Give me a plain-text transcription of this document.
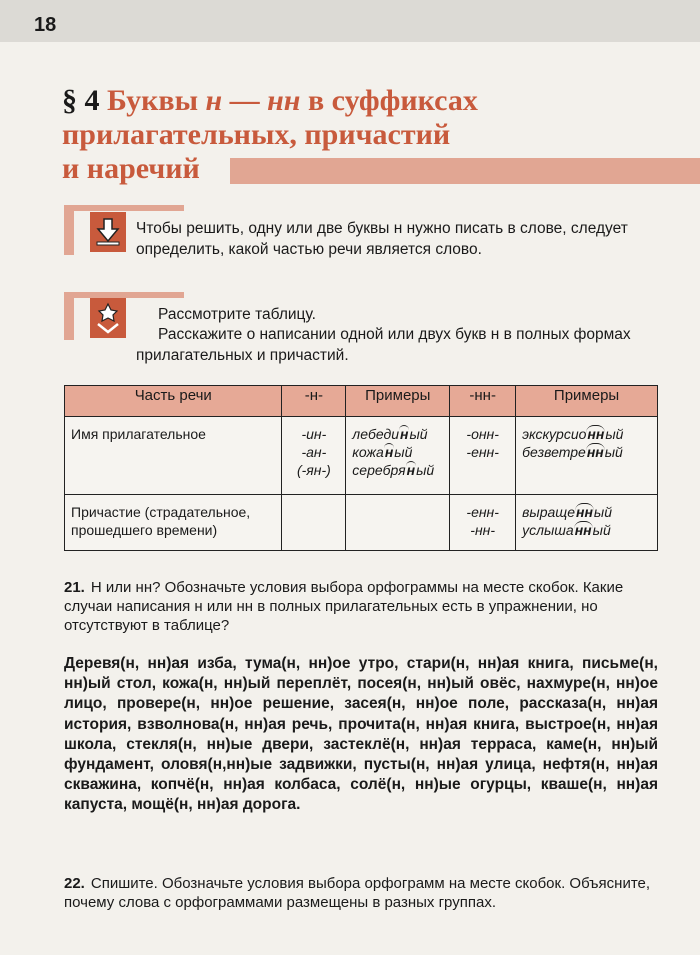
18
§ 4 Буквы н — нн в суффиксах
прилагательных, причастий
и наречий
Чтобы решить, одну или две буквы н нужно писать в слове, следует определить, какой частью речи является слово.
Рассмотрите таблицу.
Расскажите о написании одной или двух букв н в полных формах прилагательных и причастий.
Часть речи	-н-	Примеры	-нн-	Примеры
Имя прилагательное	-ин-
-ан-
(-ян-)	лебединый
кожаный
серебряный	-онн-
-енн-	экскурсионный
безветренный

Причастие (страдательное, прошедшего времени)			-енн-
-нн-	выращенный
услышанный
21. Н или нн? Обозначьте условия выбора орфограммы на месте скобок. Какие случаи написания н или нн в полных прилагательных есть в упражнении, но отсутствуют в таблице?
Деревя(н, нн)ая изба, тума(н, нн)ое утро, стари(н, нн)ая книга, письме(н, нн)ый стол, кожа(н, нн)ый переплёт, посея(н, нн)ый овёс, нахмуре(н, нн)ое лицо, провере(н, нн)ое решение, засея(н, нн)ое поле, рассказа(н, нн)ая история, взволнова(н, нн)ая речь, прочита(н, нн)ая книга, выстрое(н, нн)ая школа, стекля(н, нн)ые двери, застеклё(н, нн)ая терраса, каме(н, нн)ый фундамент, оловя(н,нн)ые задвижки, пусты(н, нн)ая улица, нефтя(н, нн)ая скважина, копчё(н, нн)ая колбаса, солё(н, нн)ые огурцы, кваше(н, нн)ая капуста, мощё(н, нн)ая дорога.
22. Спишите. Обозначьте условия выбора орфограмм на месте скобок. Объясните, почему слова с орфограммами размещены в разных группах.
